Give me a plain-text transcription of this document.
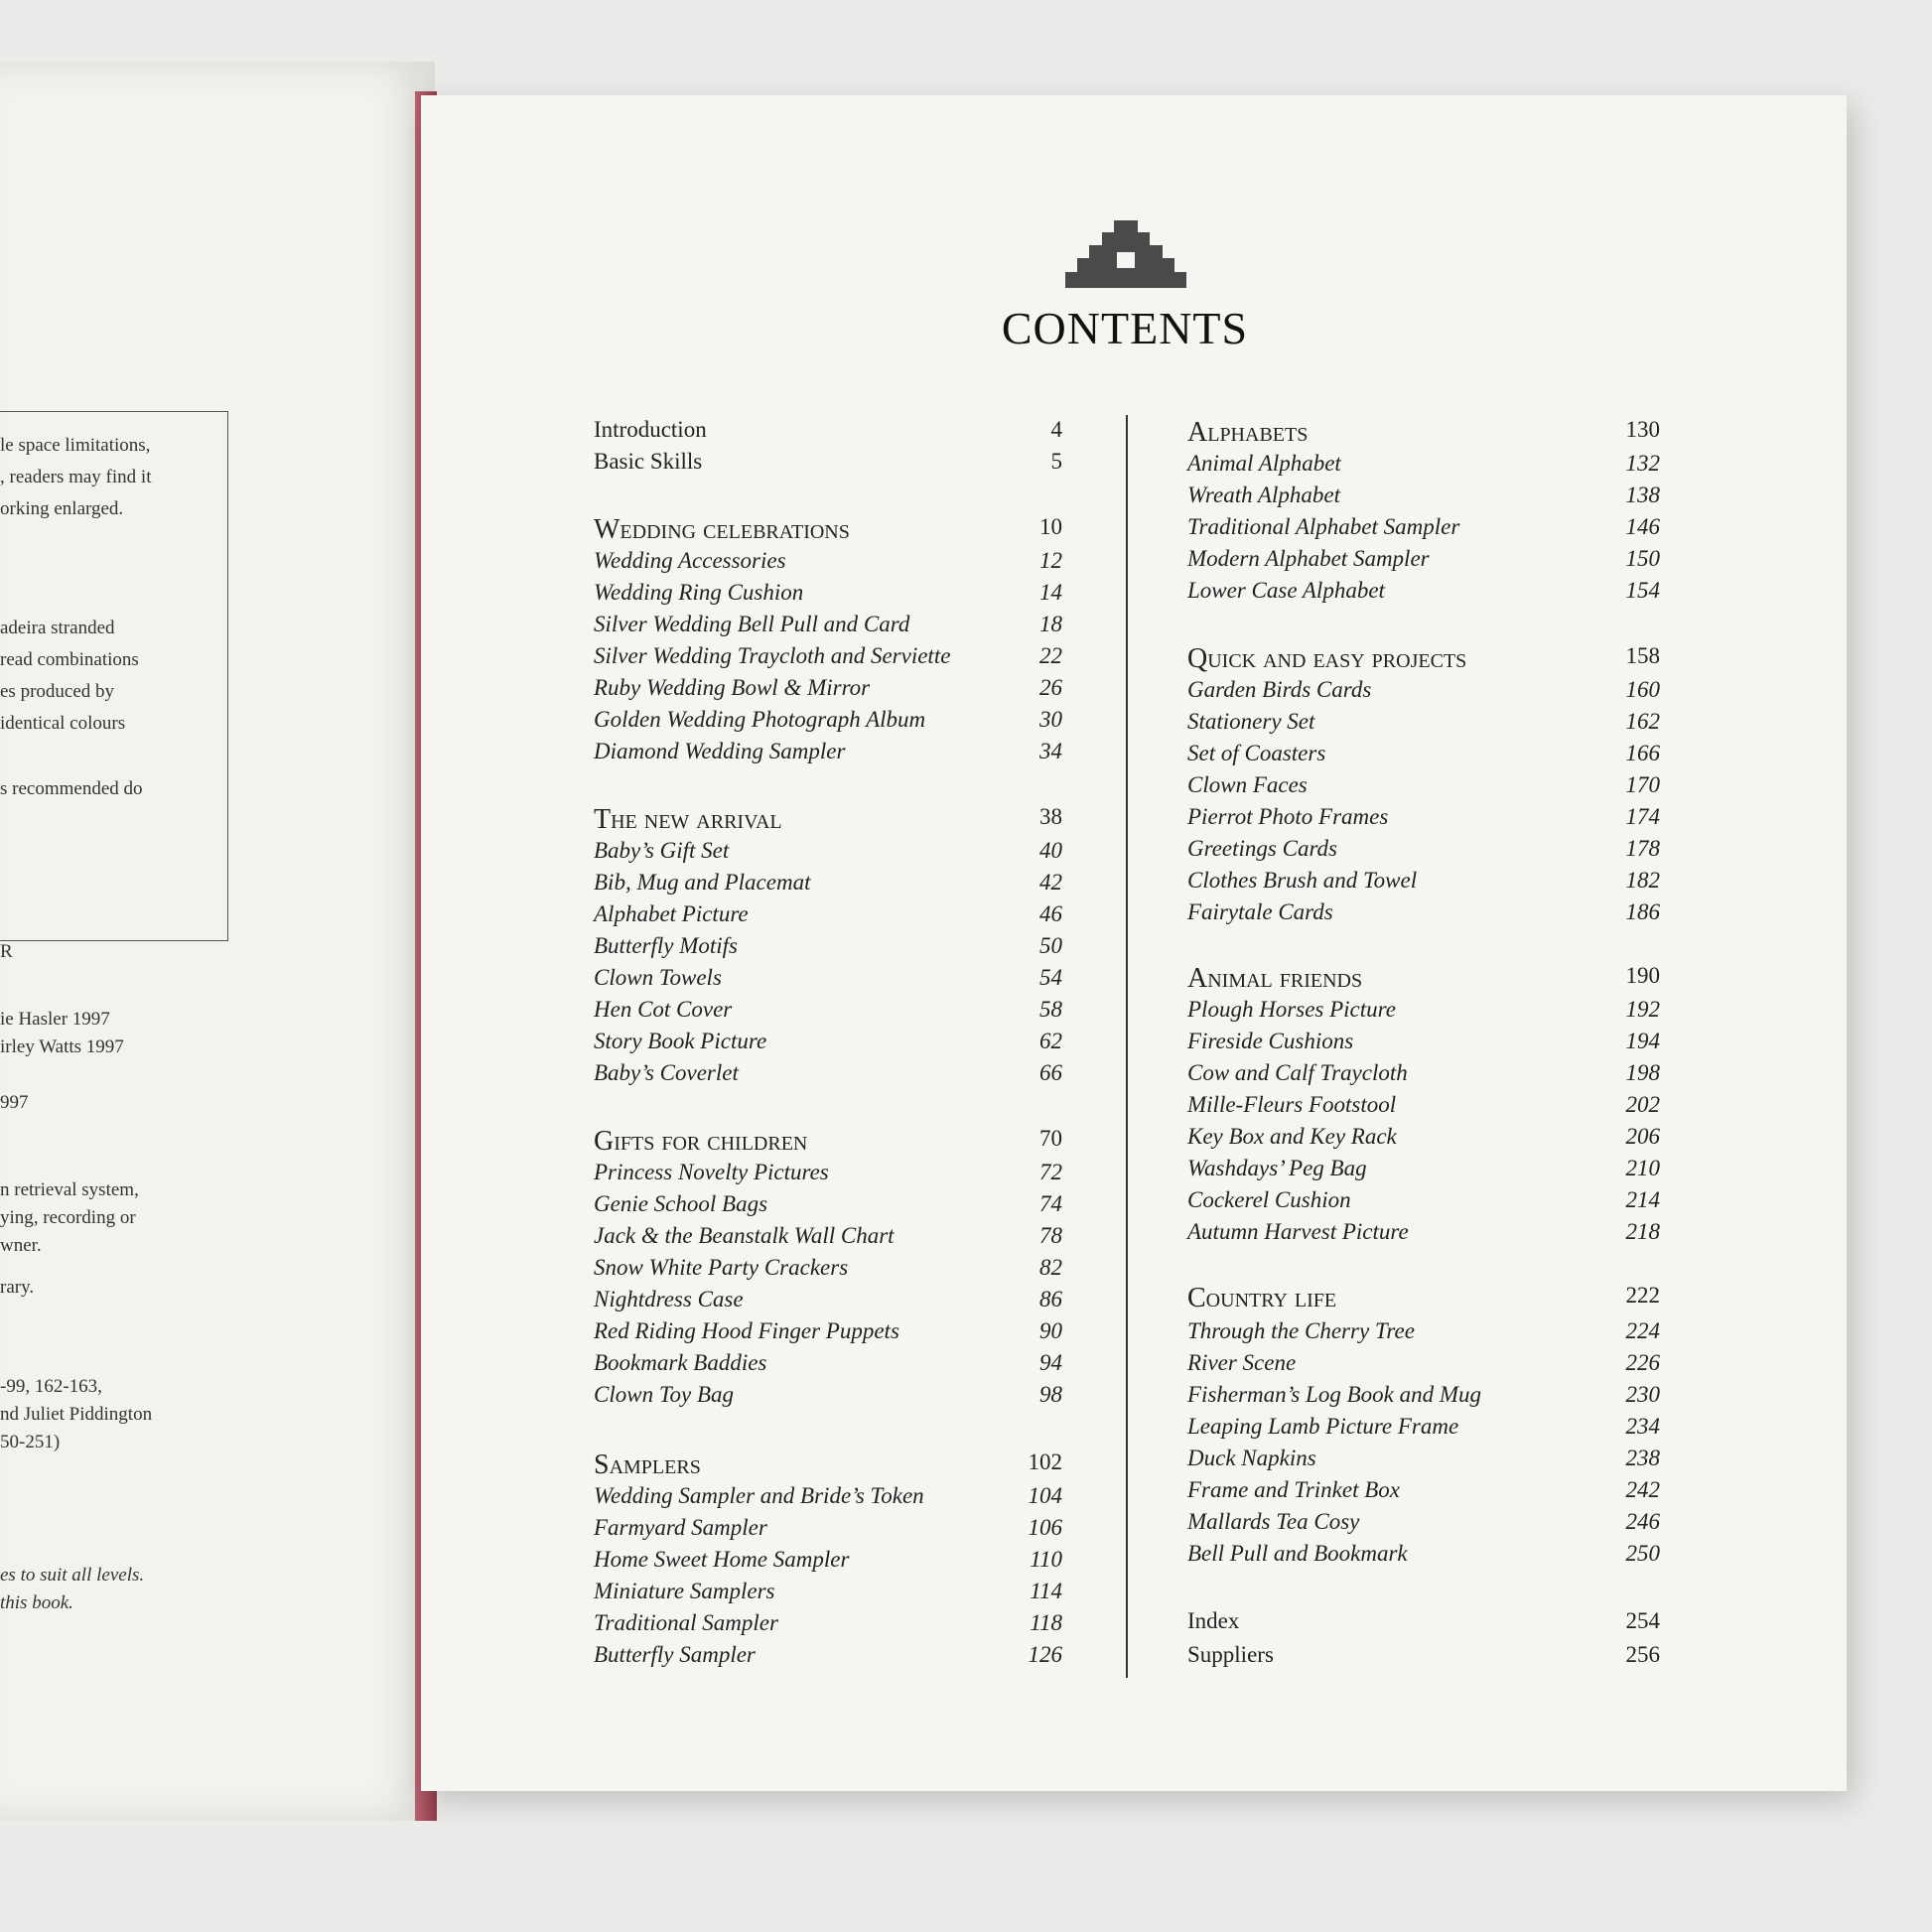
le space limitations,
, readers may find it
orking enlarged.
adeira stranded
read combinations
es produced by
identical colours
s recommended do
R
ie Hasler 1997
irley Watts 1997
997
n retrieval system,
ying, recording or
wner.
rary.
-99, 162-163,
nd Juliet Piddington
50-251)
es to suit all levels.
this book.
CONTENTS
Introduction	4
Basic Skills	5
Wedding celebrations	10
Wedding Accessories	12
Wedding Ring Cushion	14
Silver Wedding Bell Pull and Card	18
Silver Wedding Traycloth and Serviette	22
Ruby Wedding Bowl & Mirror	26
Golden Wedding Photograph Album	30
Diamond Wedding Sampler	34
The new arrival	38
Baby’s Gift Set	40
Bib, Mug and Placemat	42
Alphabet Picture	46
Butterfly Motifs	50
Clown Towels	54
Hen Cot Cover	58
Story Book Picture	62
Baby’s Coverlet	66
Gifts for children	70
Princess Novelty Pictures	72
Genie School Bags	74
Jack & the Beanstalk Wall Chart	78
Snow White Party Crackers	82
Nightdress Case	86
Red Riding Hood Finger Puppets	90
Bookmark Baddies	94
Clown Toy Bag	98
Samplers	102
Wedding Sampler and Bride’s Token	104
Farmyard Sampler	106
Home Sweet Home Sampler	110
Miniature Samplers	114
Traditional Sampler	118
Butterfly Sampler	126
Alphabets	130
Animal Alphabet	132
Wreath Alphabet	138
Traditional Alphabet Sampler	146
Modern Alphabet Sampler	150
Lower Case Alphabet	154
Quick and easy projects	158
Garden Birds Cards	160
Stationery Set	162
Set of Coasters	166
Clown Faces	170
Pierrot Photo Frames	174
Greetings Cards	178
Clothes Brush and Towel	182
Fairytale Cards	186
Animal friends	190
Plough Horses Picture	192
Fireside Cushions	194
Cow and Calf Traycloth	198
Mille-Fleurs Footstool	202
Key Box and Key Rack	206
Washdays’ Peg Bag	210
Cockerel Cushion	214
Autumn Harvest Picture	218
Country life	222
Through the Cherry Tree	224
River Scene	226
Fisherman’s Log Book and Mug	230
Leaping Lamb Picture Frame	234
Duck Napkins	238
Frame and Trinket Box	242
Mallards Tea Cosy	246
Bell Pull and Bookmark	250
Index	254
Suppliers	256
